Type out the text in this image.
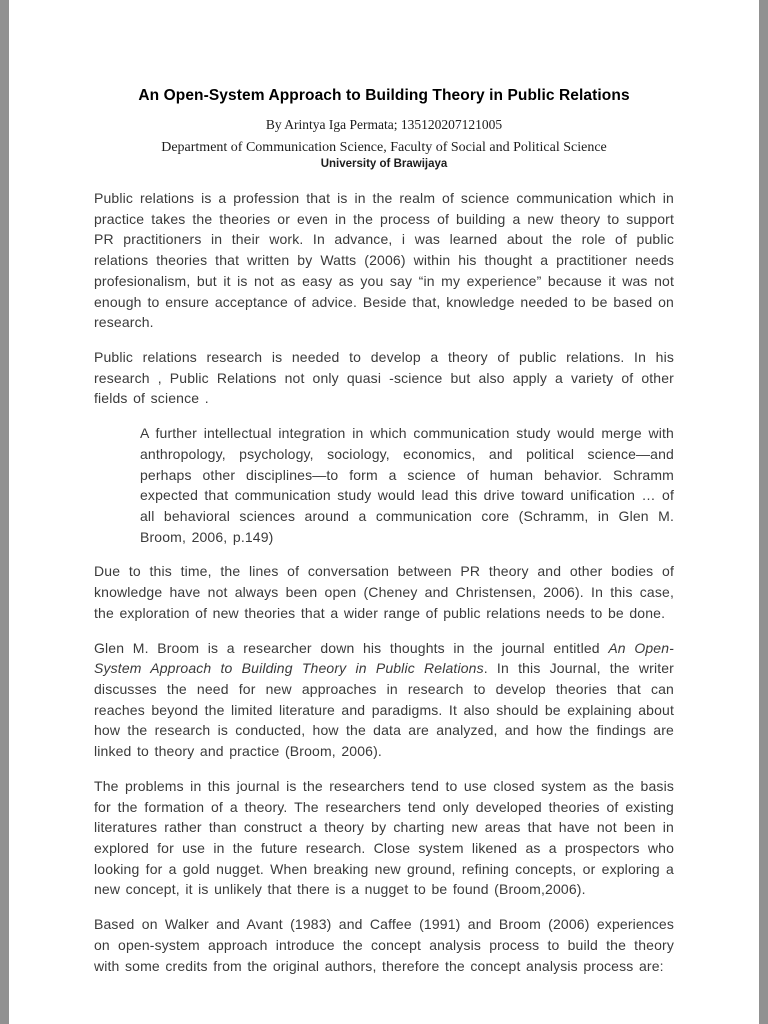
An Open-System Approach to Building Theory in Public Relations

By Arintya Iga Permata; 135120207121005

Department of Communication Science, Faculty of Social and Political Science

University of Brawijaya

Public relations is a profession that is in the realm of science communication which in practice takes the theories or even in the process of building a new theory to support PR practitioners in their work. In advance, i was learned about the role of public relations theories that written by Watts (2006) within his thought a practitioner needs profesionalism, but it is not as easy as you say “in my experience” because it was not enough to ensure acceptance of advice. Beside that, knowledge needed to be based on research.

Public relations research is needed to develop a theory of public relations. In his research , Public Relations not only quasi -science but also apply a variety of other fields of science .

A further intellectual integration in which communication study would merge with anthropology, psychology, sociology, economics, and political science—and perhaps other disciplines—to form a science of human behavior. Schramm expected that communication study would lead this drive toward unification … of all behavioral sciences around a communication core (Schramm, in Glen M. Broom, 2006, p.149)

Due to this time, the lines of conversation between PR theory and other bodies of knowledge have not always been open (Cheney and Christensen, 2006). In this case, the exploration of new theories that a wider range of public relations needs to be done.

Glen M. Broom is a researcher down his thoughts in the journal entitled An Open-System Approach to Building Theory in Public Relations. In this Journal, the writer discusses the need for new approaches in research to develop theories that can reaches beyond the limited literature and paradigms. It also should be explaining about how the research is conducted, how the data are analyzed, and how the findings are linked to theory and practice (Broom, 2006).

The problems in this journal is the researchers tend to use closed system as the basis for the formation of a theory. The researchers tend only developed theories of existing literatures rather than construct a theory by charting new areas that have not been in explored for use in the future research. Close system likened as a prospectors who looking for a gold nugget. When breaking new ground, refining concepts, or exploring a new concept, it is unlikely that there is a nugget to be found (Broom,2006).

Based on Walker and Avant (1983) and Caffee (1991) and Broom (2006) experiences on open-system approach introduce the concept analysis process to build the theory with some credits from the original authors, therefore the concept analysis process are:
